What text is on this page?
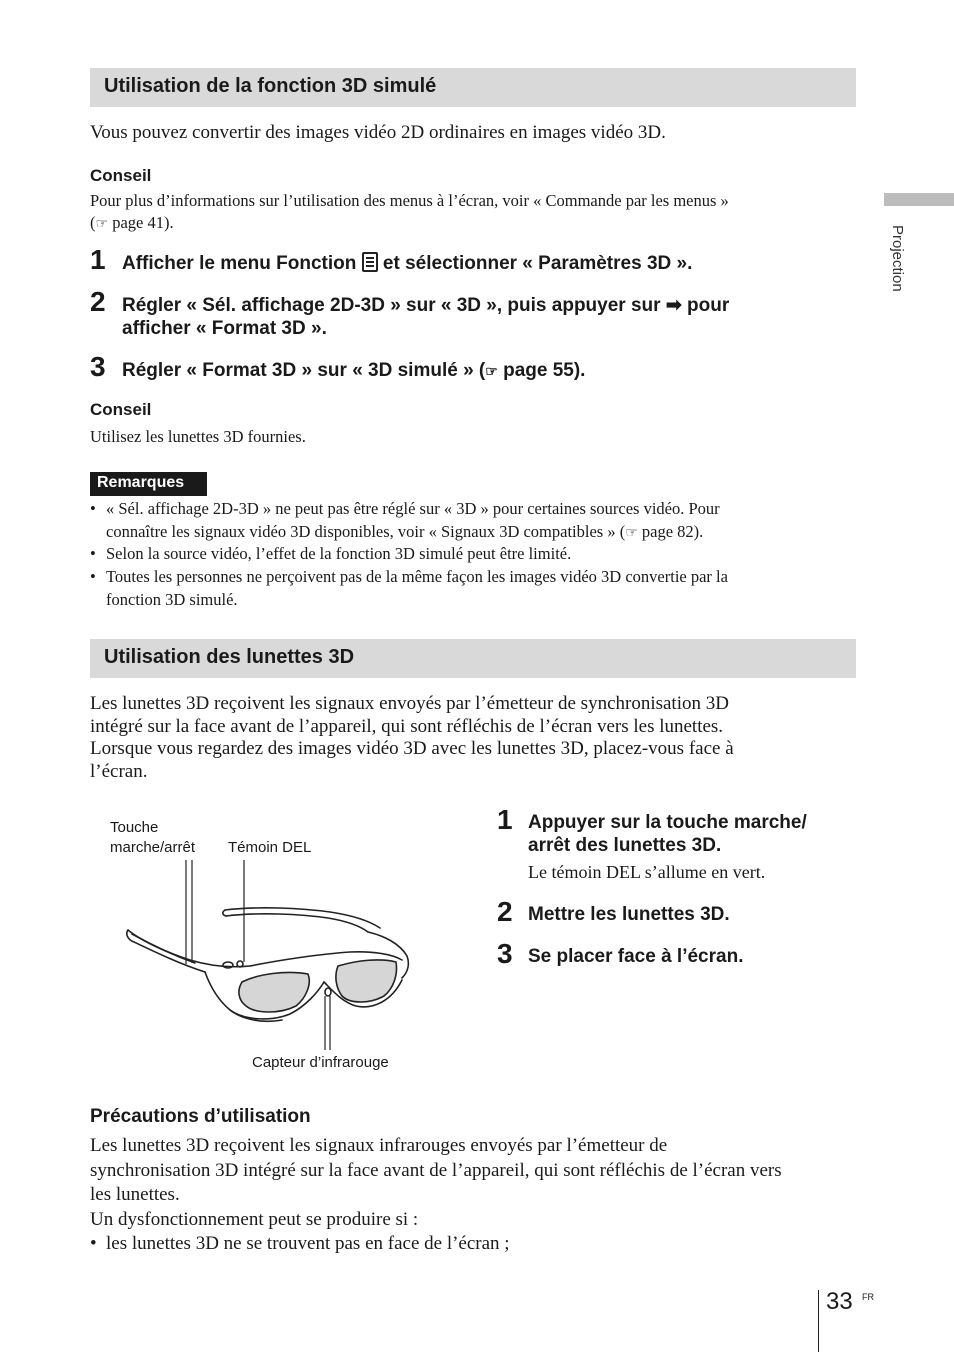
Utilisation de la fonction 3D simulé
Vous pouvez convertir des images vidéo 2D ordinaires en images vidéo 3D.
Conseil
Pour plus d’informations sur l’utilisation des menus à l’écran, voir « Commande par les menus »
(☞ page 41).
1 Afficher le menu Fonction et sélectionner « Paramètres 3D ».
2 Régler « Sél. affichage 2D-3D » sur « 3D », puis appuyer sur ➡ pour
afficher « Format 3D ».
3 Régler « Format 3D » sur « 3D simulé » (☞ page 55).
Conseil
Utilisez les lunettes 3D fournies.
Remarques
• « Sél. affichage 2D-3D » ne peut pas être réglé sur « 3D » pour certaines sources vidéo. Pour
connaître les signaux vidéo 3D disponibles, voir « Signaux 3D compatibles » (☞ page 82).
• Selon la source vidéo, l’effet de la fonction 3D simulé peut être limité.
• Toutes les personnes ne perçoivent pas de la même façon les images vidéo 3D convertie par la
fonction 3D simulé.
Utilisation des lunettes 3D
Les lunettes 3D reçoivent les signaux envoyés par l’émetteur de synchronisation 3D
intégré sur la face avant de l’appareil, qui sont réfléchis de l’écran vers les lunettes.
Lorsque vous regardez des images vidéo 3D avec les lunettes 3D, placez-vous face à
l’écran.
Touche
marche/arrêt Témoin DEL
Capteur d’infrarouge
1 Appuyer sur la touche marche/
arrêt des lunettes 3D.
Le témoin DEL s’allume en vert.
2 Mettre les lunettes 3D.
3 Se placer face à l’écran.
Précautions d’utilisation
Les lunettes 3D reçoivent les signaux infrarouges envoyés par l’émetteur de
synchronisation 3D intégré sur la face avant de l’appareil, qui sont réfléchis de l’écran vers
les lunettes.
Un dysfonctionnement peut se produire si :
• les lunettes 3D ne se trouvent pas en face de l’écran ;
Projection
33 FR
